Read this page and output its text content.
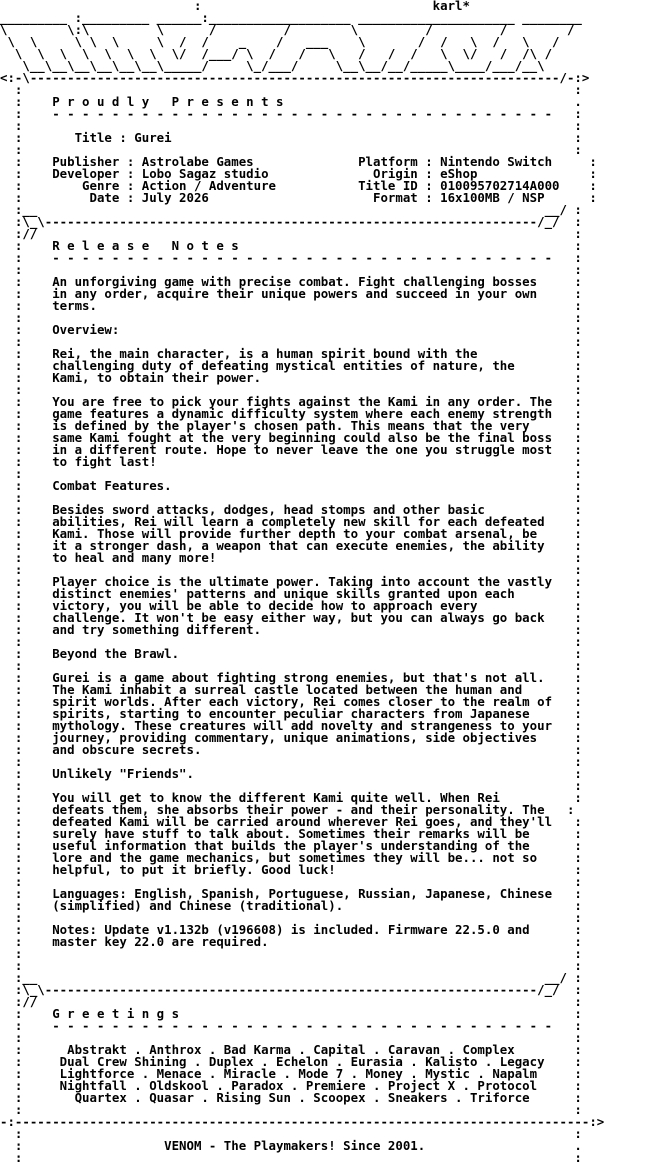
:                               karl*
_________ :_________ ______:___________________ _____________________ ________
\        \:\         \      /         /        \         /         /        /
\  \     \ \  \     \  /  /    _    /   ___    \       /  /   \  /   \   /
\  \  \  \  \  \  \  \/  /___/ \  /   /   \   /   /  /   \  \/   /  /\ /
\__\__\__\__\__\__\_____/     \_/___/     \__\__/__/_____\____/___/__\
<:-\-----------------------------------------------------------------------/-:>
:                                                                          :
:    P r o u d l y   P r e s e n t s                                       .
:    - - - - - - - - - - - - - - - - - - - - - - - - - - - - - - - - - -   :
:                                                                          :
:       Title : Gurei                                                      :
:                                                                          :
:    Publisher : Astrolabe Games              Platform : Nintendo Switch     :
:    Developer : Lobo Sagaz studio              Origin : eShop               :
:        Genre : Action / Adventure           Title ID : 010095702714A000    :
:         Date : July 2026                      Format : 16x100MB / NSP      :
:__                                                                    __/ :
:\_\------------------------------------------------------------------/_/  :
://                                                                        :
:    R e l e a s e   N o t e s                                             :
:    - - - - - - - - - - - - - - - - - - - - - - - - - - - - - - - - - -   :
:                                                                          :
:    An unforgiving game with precise combat. Fight challenging bosses     :
:    in any order, acquire their unique powers and succeed in your own     :
:    terms.                                                                :
:                                                                          :
:    Overview:                                                             :
:                                                                          :
:    Rei, the main character, is a human spirit bound with the             :
:    challenging duty of defeating mystical entities of nature, the        :
:    Kami, to obtain their power.                                          :
:                                                                          :
:    You are free to pick your fights against the Kami in any order. The   :
:    game features a dynamic difficulty system where each enemy strength   :
:    is defined by the player's chosen path. This means that the very      :
:    same Kami fought at the very beginning could also be the final boss   :
:    in a different route. Hope to never leave the one you struggle most   :
:    to fight last!                                                        :
:                                                                          :
:    Combat Features.                                                      :
:                                                                          :
:    Besides sword attacks, dodges, head stomps and other basic            :
:    abilities, Rei will learn a completely new skill for each defeated    :
:    Kami. Those will provide further depth to your combat arsenal, be     :
:    it a stronger dash, a weapon that can execute enemies, the ability    :
:    to heal and many more!                                                :
:                                                                          :
:    Player choice is the ultimate power. Taking into account the vastly   :
:    distinct enemies' patterns and unique skills granted upon each        :
:    victory, you will be able to decide how to approach every             :
:    challenge. It won't be easy either way, but you can always go back    :
:    and try something different.                                          :
:                                                                          :
:    Beyond the Brawl.                                                     :
:                                                                          :
:    Gurei is a game about fighting strong enemies, but that's not all.    :
:    The Kami inhabit a surreal castle located between the human and       :
:    spirit worlds. After each victory, Rei comes closer to the realm of   :
:    spirits, starting to encounter peculiar characters from Japanese      :
:    mythology. These creatures will add novelty and strangeness to your   :
:    journey, providing commentary, unique animations, side objectives     :
:    and obscure secrets.                                                  :
:                                                                          :
:    Unlikely "Friends".                                                   :
:                                                                          :
:    You will get to know the different Kami quite well. When Rei          :
:    defeats them, she absorbs their power - and their personality. The   :
:    defeated Kami will be carried around wherever Rei goes, and they'll   :
:    surely have stuff to talk about. Sometimes their remarks will be      :
:    useful information that builds the player's understanding of the      :
:    lore and the game mechanics, but sometimes they will be... not so     :
:    helpful, to put it briefly. Good luck!                                :
:                                                                          :
:    Languages: English, Spanish, Portuguese, Russian, Japanese, Chinese   :
:    (simplified) and Chinese (traditional).                               :
:                                                                          :
:    Notes: Update v1.132b (v196608) is included. Firmware 22.5.0 and      :
:    master key 22.0 are required.                                         :
:                                                                          :
:                                                                          :
:__                                                                    __/ :
:\_\------------------------------------------------------------------/_/  :
://                                                                        :
:    G r e e t i n g s                                                     :
:    - - - - - - - - - - - - - - - - - - - - - - - - - - - - - - - - - -   :
:                                                                          :
:      Abstrakt . Anthrox . Bad Karma . Capital . Caravan . Complex        :
:     Dual Crew Shining . Duplex . Echelon . Eurasia . Kalisto . Legacy    :
:     Lightforce . Menace . Miracle . Mode 7 . Money . Mystic . Napalm     :
:     Nightfall . Oldskool . Paradox . Premiere . Project X . Protocol     :
:       Quartex . Quasar . Rising Sun . Scoopex . Sneakers . Triforce      :
:                                                                          :
-:-----------------------------------------------------------------------------:>
:                                                                          :
:                   VENOM - The Playmakers! Since 2001.                    .
:                                                                          :
